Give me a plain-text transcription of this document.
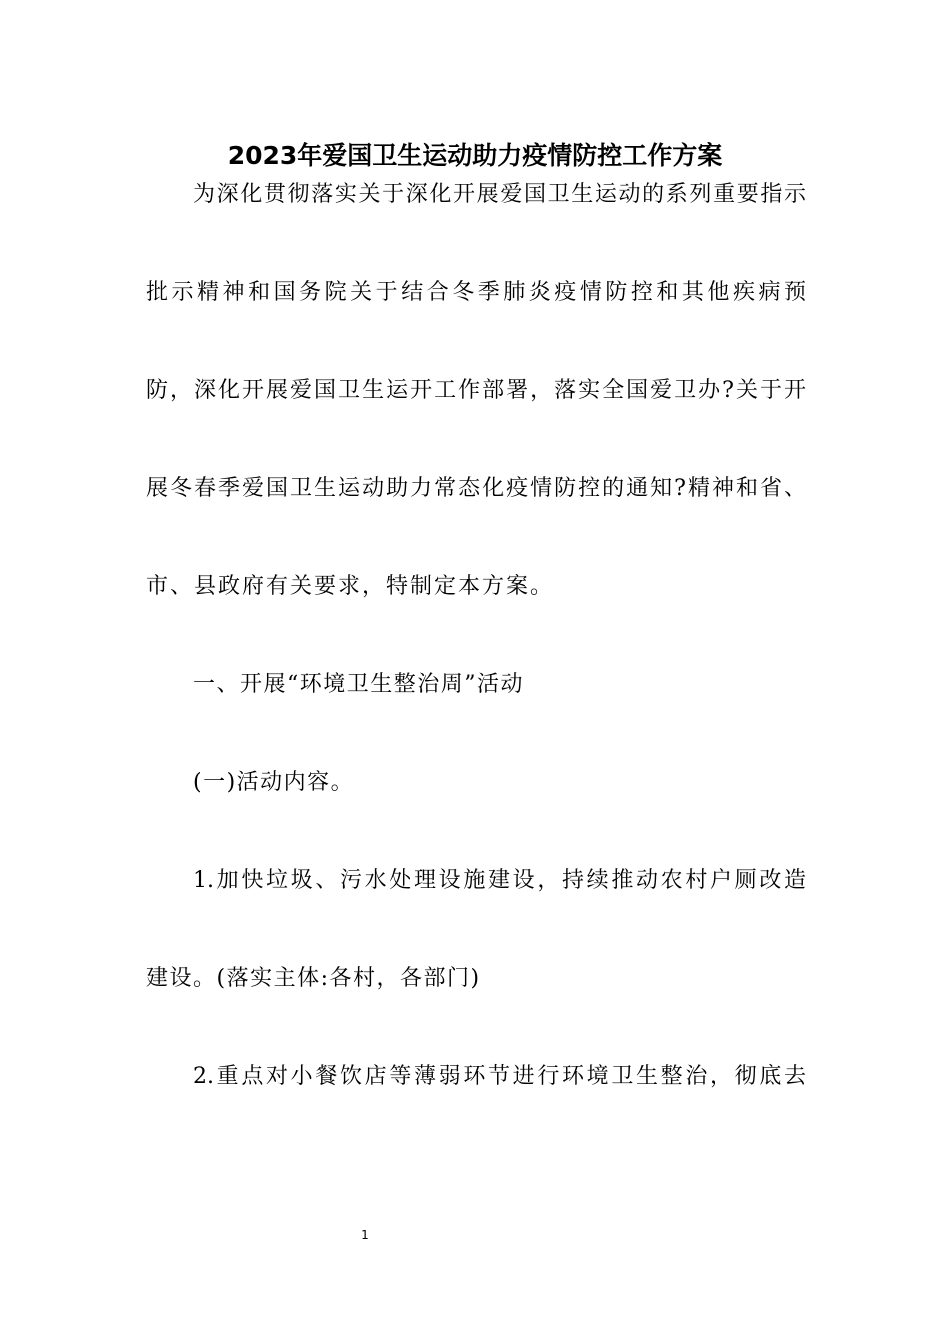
2023年爱国卫生运动助力疫情防控工作方案
为深化贯彻落实关于深化开展爱国卫生运动的系列重要指示
批示精神和国务院关于结合冬季肺炎疫情防控和其他疾病预
防，深化开展爱国卫生运开工作部署，落实全国爱卫办?关于开
展冬春季爱国卫生运动助力常态化疫情防控的通知?精神和省、
市、县政府有关要求，特制定本方案。
一、开展“环境卫生整治周”活动
(一)活动内容。
1.加快垃圾、污水处理设施建设，持续推动农村户厕改造
建设。(落实主体:各村，各部门)
2.重点对小餐饮店等薄弱环节进行环境卫生整治，彻底去
1
